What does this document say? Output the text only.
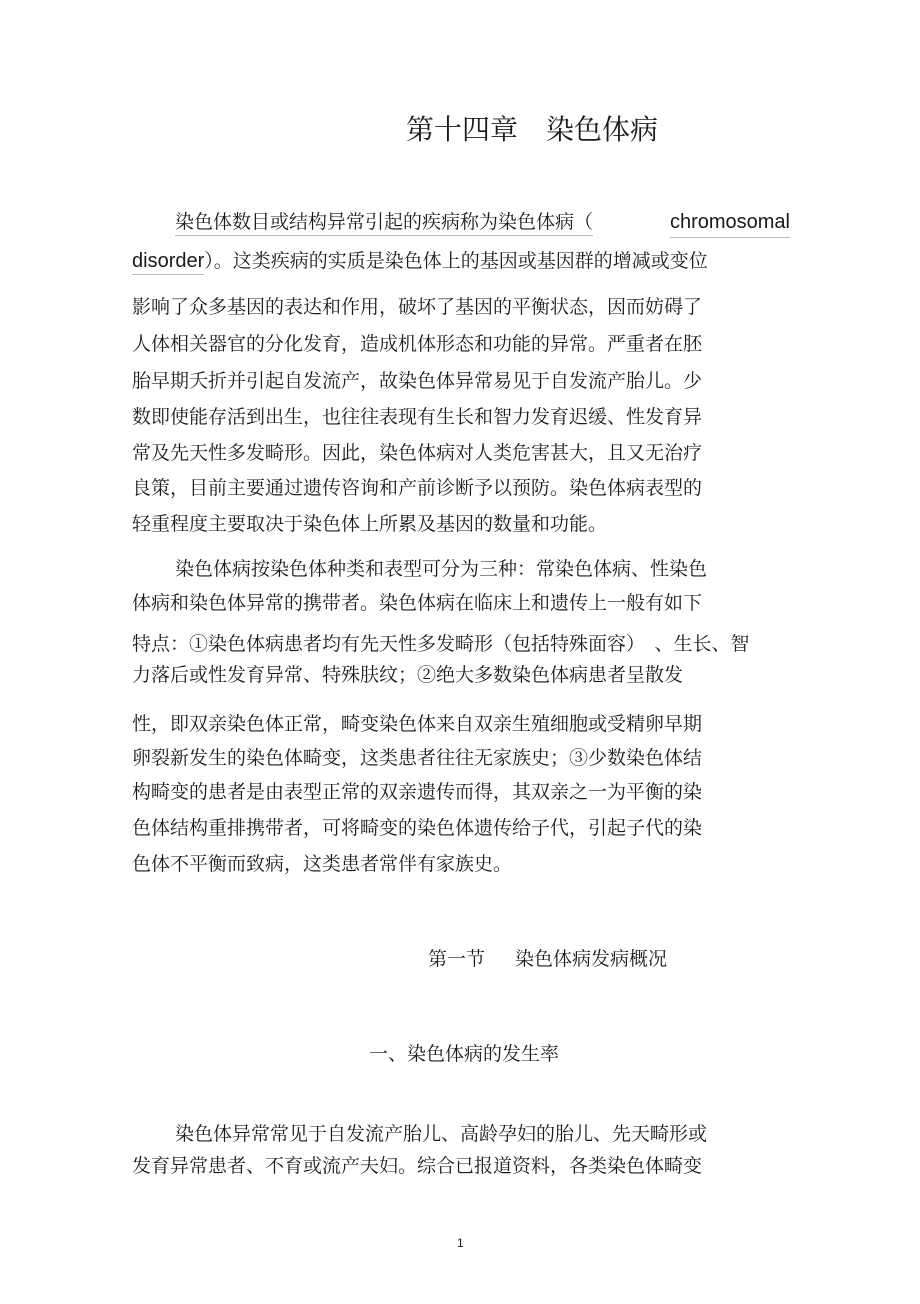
第十四章 染色体病
染色体数目或结构异常引起的疾病称为染色体病（	chromosomal
disorder）。这类疾病的实质是染色体上的基因或基因群的增减或变位
影响了众多基因的表达和作用，破坏了基因的平衡状态，因而妨碍了
人体相关器官的分化发育，造成机体形态和功能的异常。严重者在胚
胎早期夭折并引起自发流产，故染色体异常易见于自发流产胎儿。少
数即使能存活到出生，也往往表现有生长和智力发育迟缓、性发育异
常及先天性多发畸形。因此，染色体病对人类危害甚大，且又无治疗
良策，目前主要通过遗传咨询和产前诊断予以预防。染色体病表型的
轻重程度主要取决于染色体上所累及基因的数量和功能。
染色体病按染色体种类和表型可分为三种：常染色体病、性染色
体病和染色体异常的携带者。染色体病在临床上和遗传上一般有如下
特点：①染色体病患者均有先天性多发畸形（包括特殊面容）　、生长、智
力落后或性发育异常、特殊肤纹；②绝大多数染色体病患者呈散发
性，即双亲染色体正常，畸变染色体来自双亲生殖细胞或受精卵早期
卵裂新发生的染色体畸变，这类患者往往无家族史；③少数染色体结
构畸变的患者是由表型正常的双亲遗传而得，其双亲之一为平衡的染
色体结构重排携带者，可将畸变的染色体遗传给子代，引起子代的染
色体不平衡而致病，这类患者常伴有家族史。
第一节 染色体病发病概况
一、染色体病的发生率
染色体异常常见于自发流产胎儿、高龄孕妇的胎儿、先天畸形或
发育异常患者、不育或流产夫妇。综合已报道资料，各类染色体畸变
1
